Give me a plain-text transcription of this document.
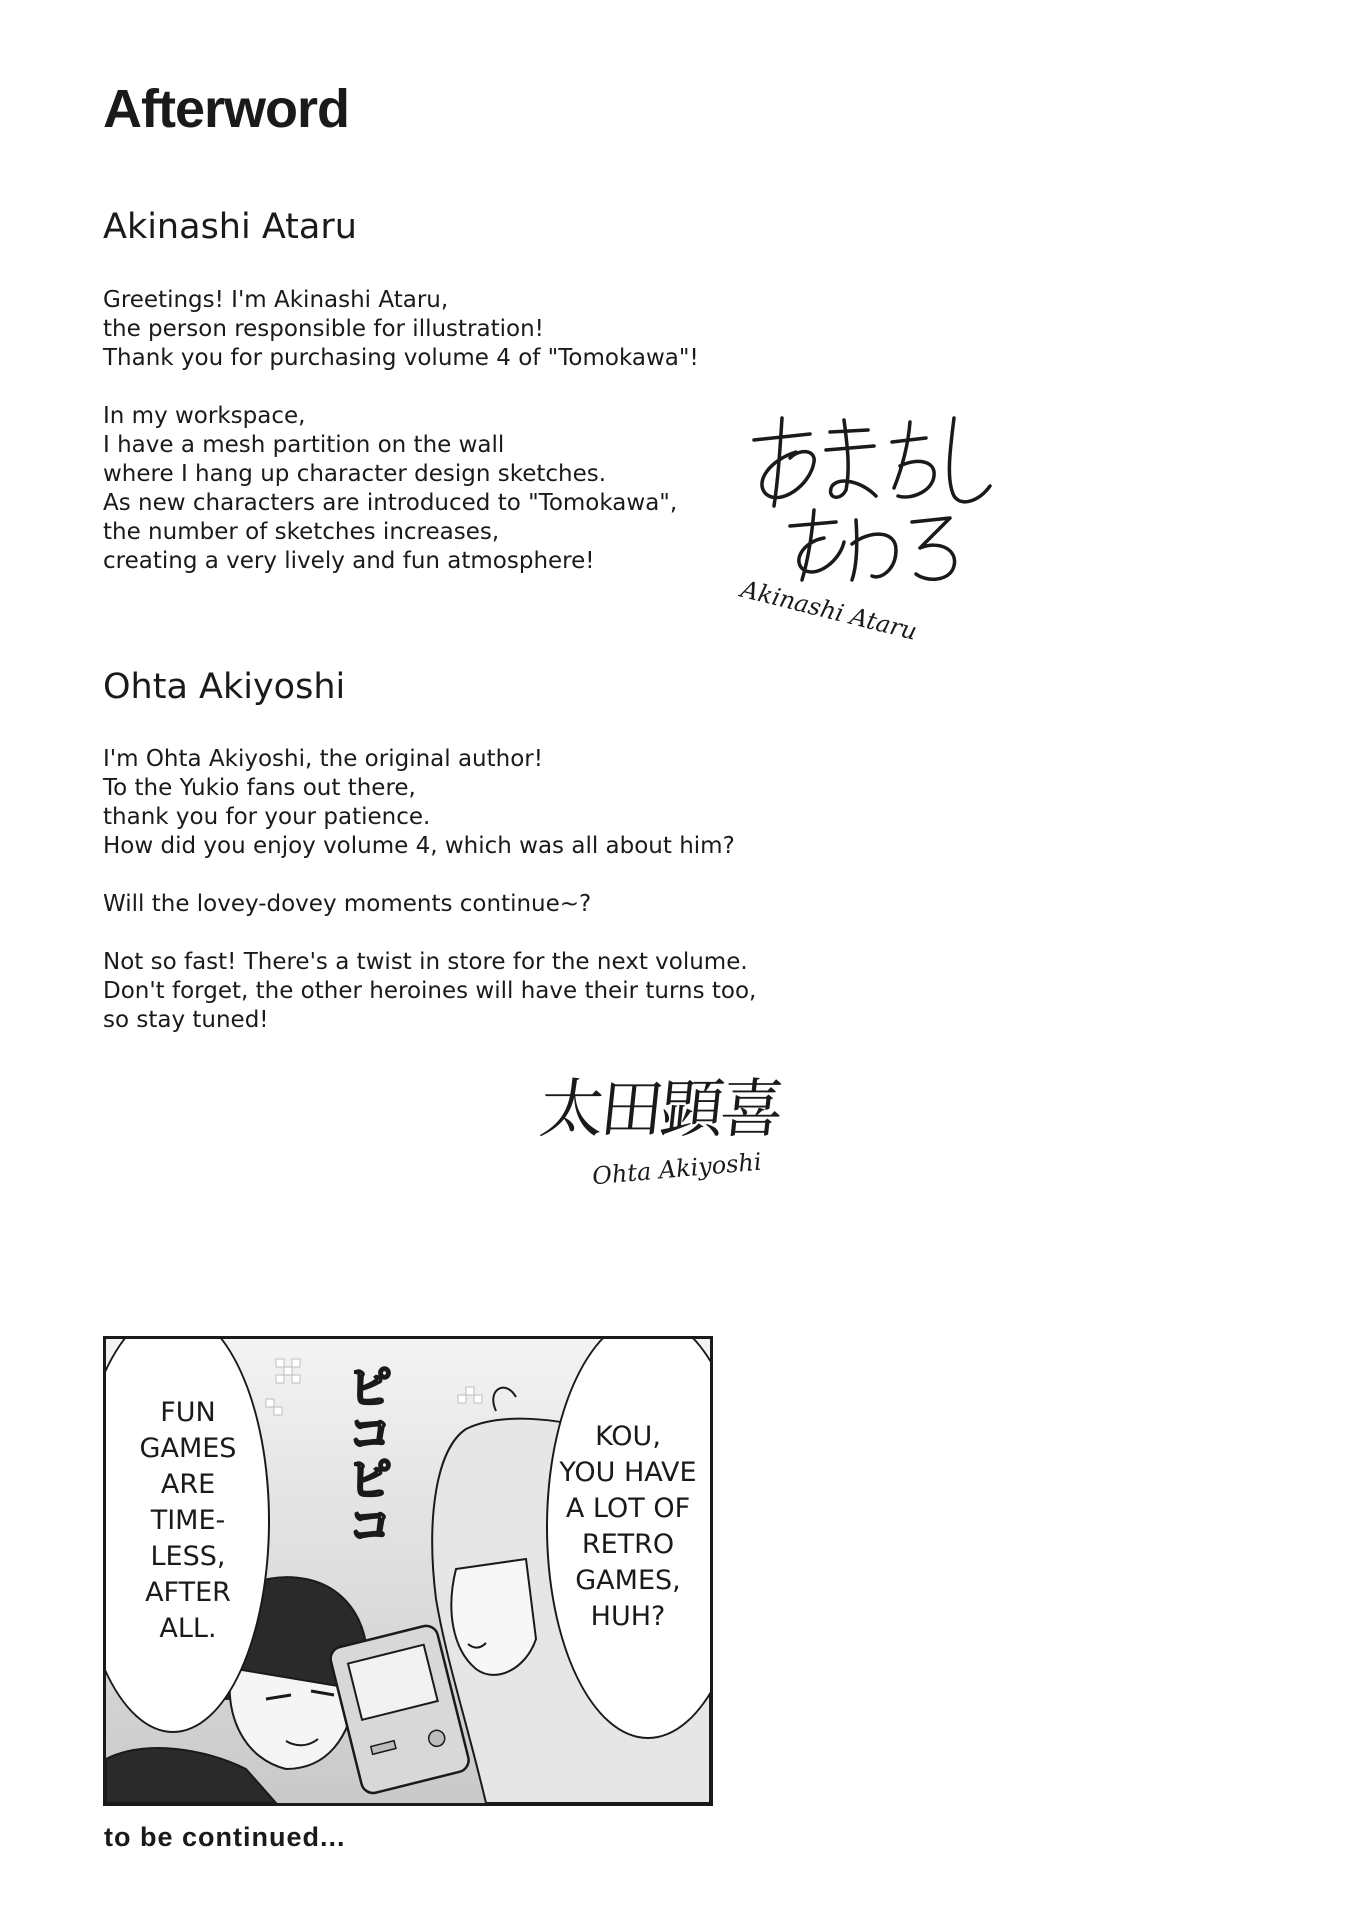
Afterword
Akinashi Ataru
Greetings! I'm Akinashi Ataru,
the person responsible for illustration!
Thank you for purchasing volume 4 of "Tomokawa"!
In my workspace,
I have a mesh partition on the wall
where I hang up character design sketches.
As new characters are introduced to "Tomokawa",
the number of sketches increases,
creating a very lively and fun atmosphere!
Akinashi Ataru
Ohta Akiyoshi
I'm Ohta Akiyoshi, the original author!
To the Yukio fans out there,
thank you for your patience.
How did you enjoy volume 4, which was all about him?
Will the lovey-dovey moments continue~?
Not so fast! There's a twist in store for the next volume.
Don't forget, the other heroines will have their turns too,
so stay tuned!
太田顕喜
Ohta Akiyoshi
FUN
GAMES
ARE
TIME-
LESS,
AFTER
ALL.
ピコピコ	KOU,
YOU HAVE
A LOT OF
RETRO
GAMES,
HUH?

to be continued...
